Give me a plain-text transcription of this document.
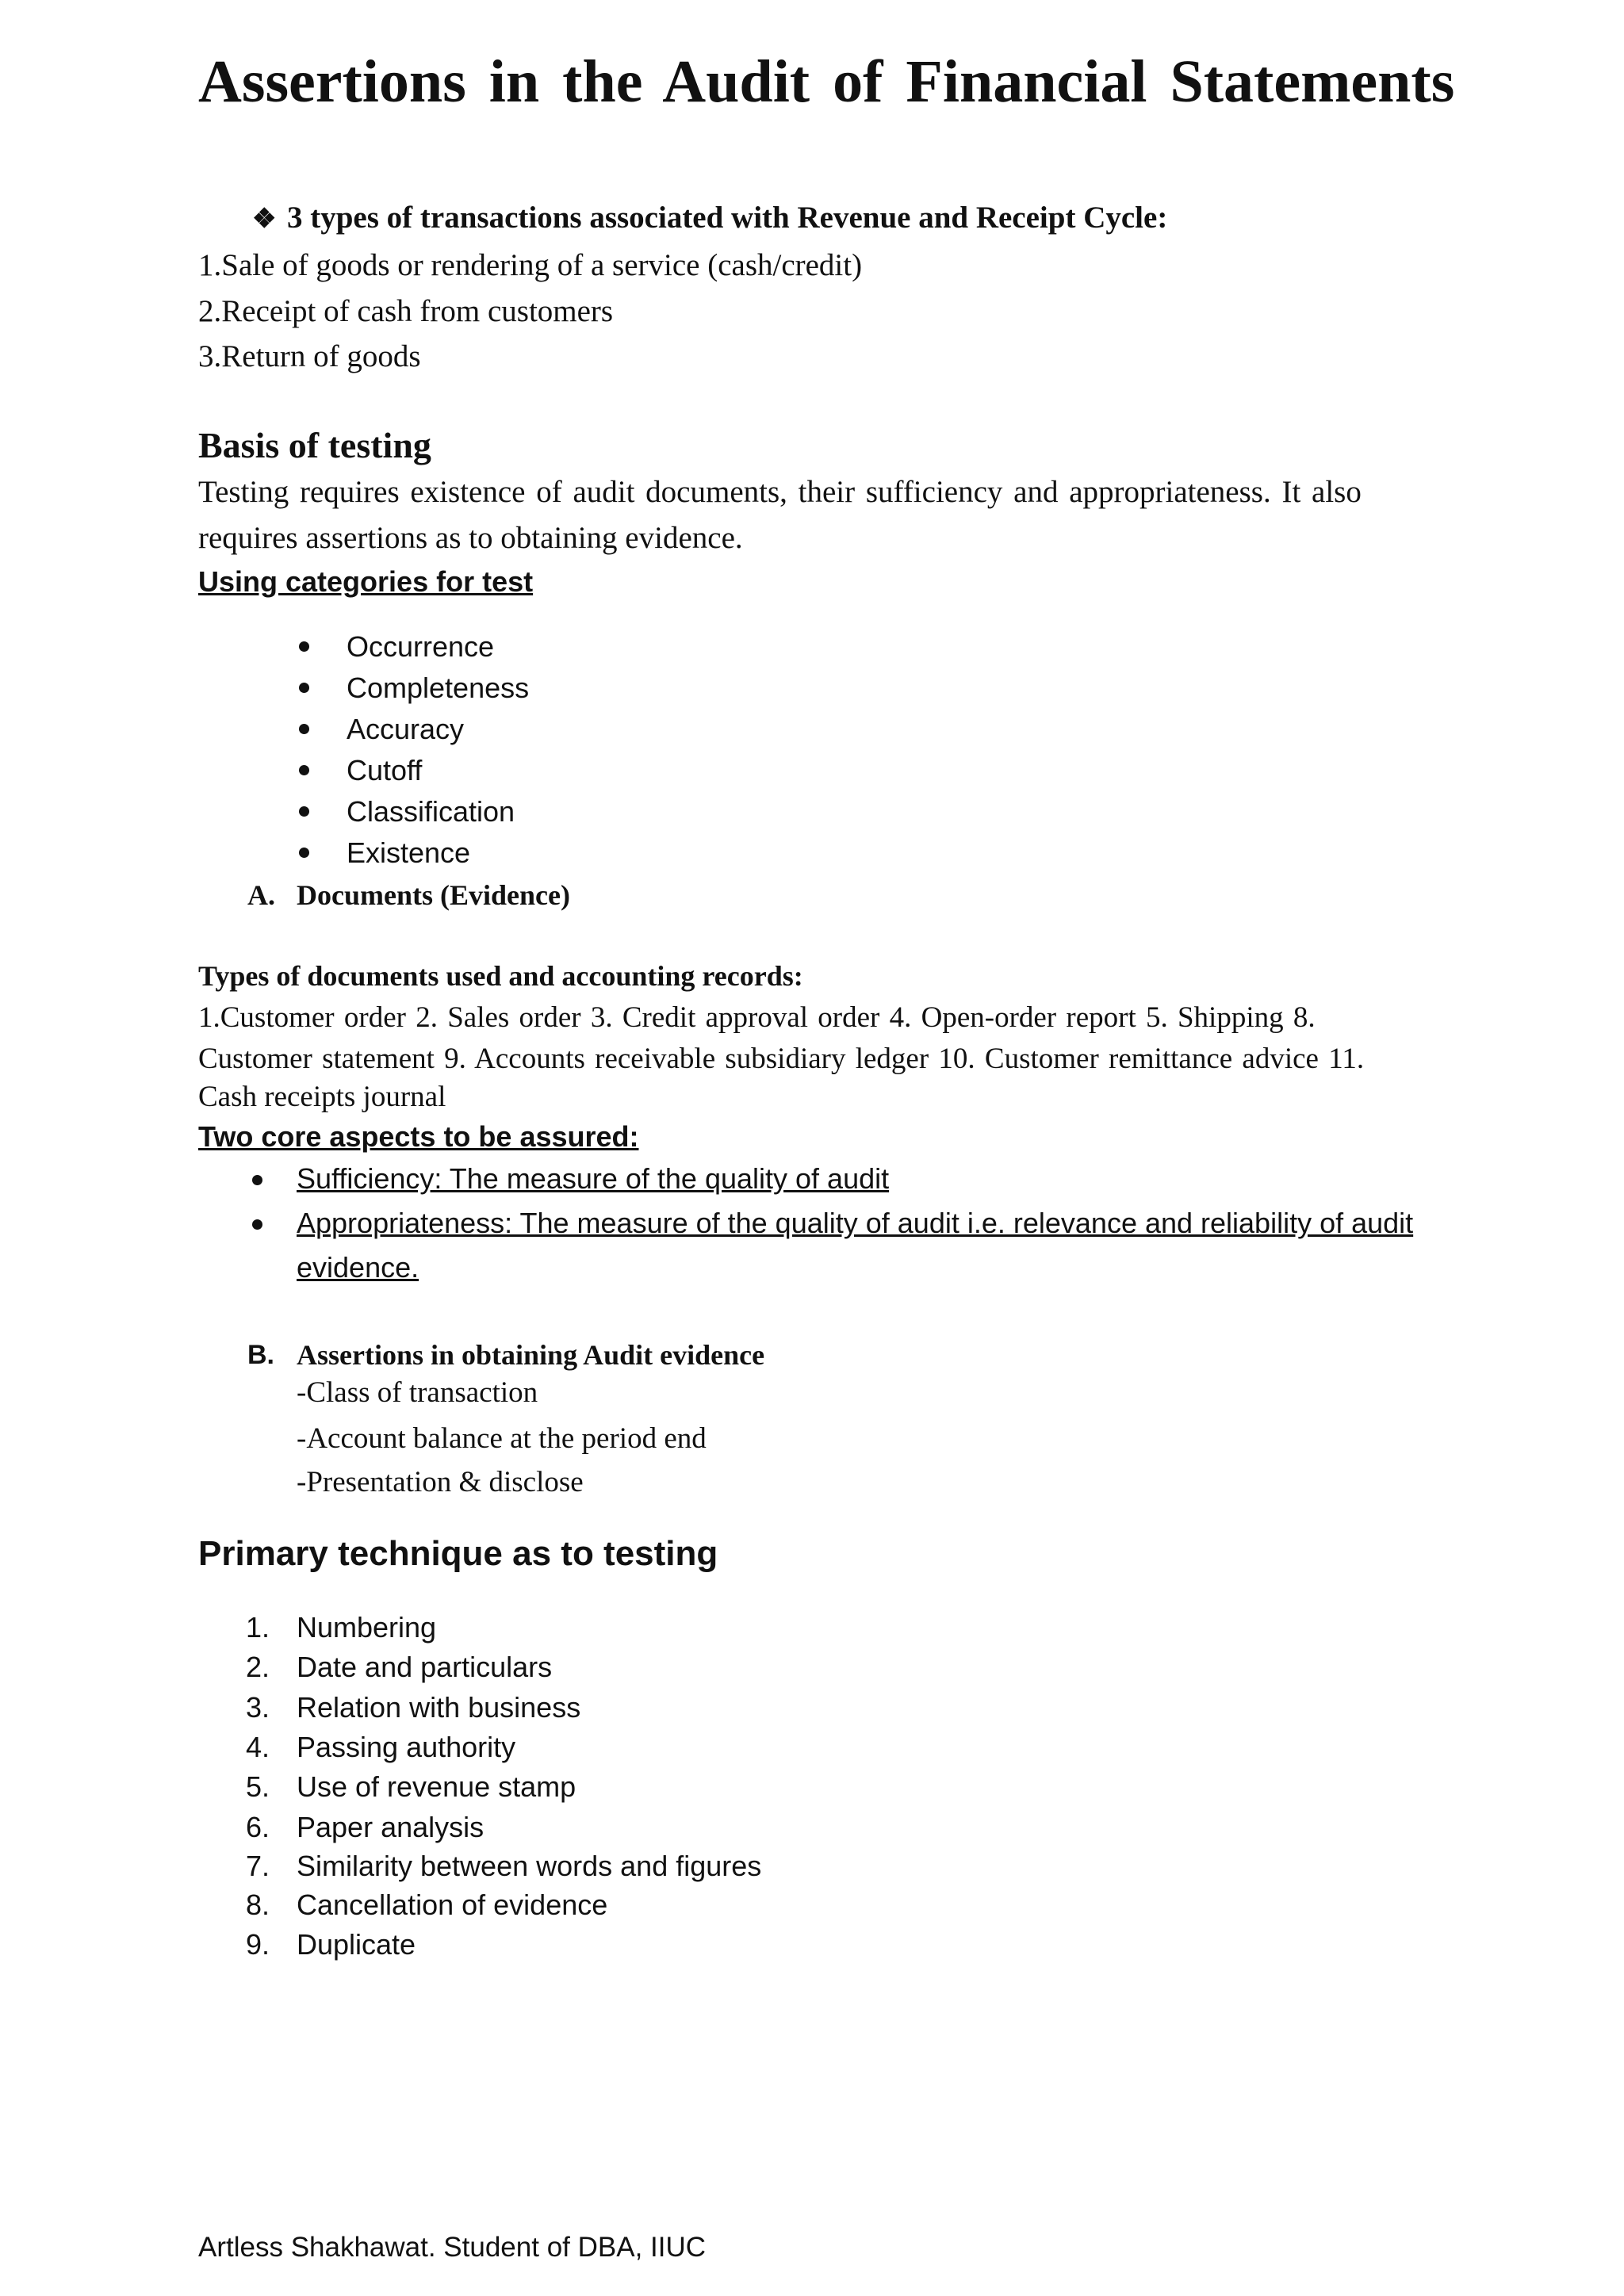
Assertions in the Audit of Financial Statements
❖ 3 types of transactions associated with Revenue and Receipt Cycle:
1.Sale of goods or rendering of a service (cash/credit)
2.Receipt of cash from customers
3.Return of goods
Basis of testing
Testing requires existence of audit documents, their sufficiency and appropriateness. It also
requires assertions as to obtaining evidence.
Using categories for test
Occurrence
Completeness
Accuracy
Cutoff
Classification
Existence
A. Documents (Evidence)
Types of documents used and accounting records:
1.Customer order 2. Sales order 3. Credit approval order 4. Open-order report 5. Shipping 8.
Customer statement 9. Accounts receivable subsidiary ledger 10. Customer remittance advice 11.
Cash receipts journal
Two core aspects to be assured:
Sufficiency: The measure of the quality of audit
Appropriateness: The measure of the quality of audit i.e. relevance and reliability of audit
evidence.
B. Assertions in obtaining Audit evidence
-Class of transaction
-Account balance at the period end
-Presentation & disclose
Primary technique as to testing
1. Numbering
2. Date and particulars
3. Relation with business
4. Passing authority
5. Use of revenue stamp
6. Paper analysis
7. Similarity between words and figures
8. Cancellation of evidence
9. Duplicate
Artless Shakhawat. Student of DBA, IIUC
